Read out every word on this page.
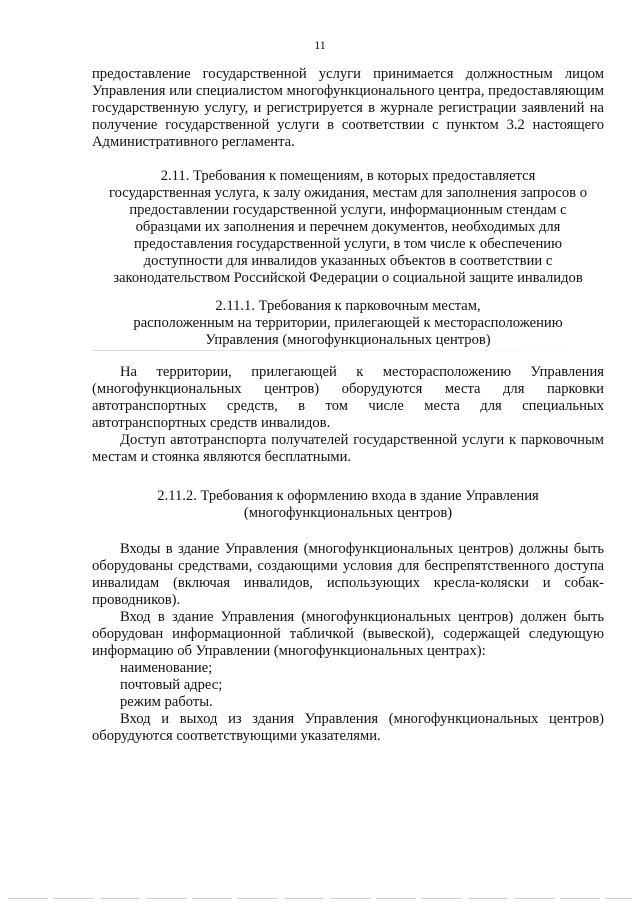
11

предоставление государственной услуги принимается должностным лицом Управления или специалистом многофункционального центра, предоставляющим государственную услугу, и регистрируется в журнале регистрации заявлений на получение государственной услуги в соответствии с пунктом 3.2 настоящего Административного регламента.

2.11. Требования к помещениям, в которых предоставляется

государственная услуга, к залу ожидания, местам для заполнения запросов о

предоставлении государственной услуги, информационным стендам с

образцами их заполнения и перечнем документов, необходимых для

предоставления государственной услуги, в том числе к обеспечению

доступности для инвалидов указанных объектов в соответствии с

законодательством Российской Федерации о социальной защите инвалидов

2.11.1. Требования к парковочным местам,

расположенным на территории, прилегающей к месторасположению

Управления (многофункциональных центров)

На территории, прилегающей к месторасположению Управления (многофункциональных центров) оборудуются места для парковки автотранспортных средств, в том числе места для специальных автотранспортных средств инвалидов.

Доступ автотранспорта получателей государственной услуги к парковочным местам и стоянка являются бесплатными.

2.11.2. Требования к оформлению входа в здание Управления

(многофункциональных центров)

Входы в здание Управления (многофункциональных центров) должны быть оборудованы средствами, создающими условия для беспрепятственного доступа инвалидам (включая инвалидов, использующих кресла-коляски и собак-проводников).

Вход в здание Управления (многофункциональных центров) должен быть оборудован информационной табличкой (вывеской), содержащей следующую информацию об Управлении (многофункциональных центрах):

наименование;

почтовый адрес;

режим работы.

Вход и выход из здания Управления (многофункциональных центров) оборудуются соответствующими указателями.
